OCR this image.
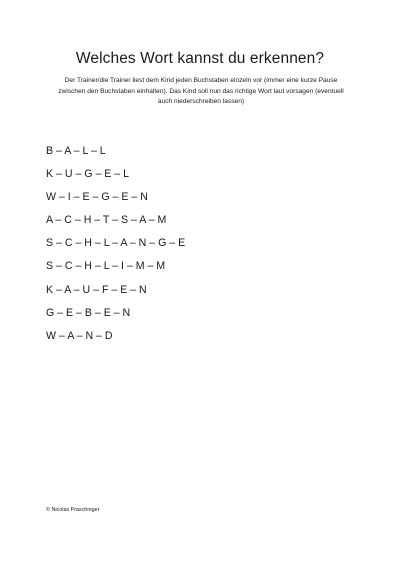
Welches Wort kannst du erkennen?
Der Trainer/die Trainer liest dem Kind jeden Buchstaben einzeln vor (immer eine kurze Pause zwischen den Buchstaben einhalten). Das Kind soll nun das richtige Wort laut vorsagen (eventuell auch niederschreiben lassen)
B – A – L – L
K – U – G – E – L
W – I – E – G – E – N
A – C – H – T – S – A – M
S – C – H – L – A – N – G – E
S – C – H – L – I – M – M
K – A – U – F – E – N
G – E – B – E – N
W – A – N – D
© Nicolas Praschinger
